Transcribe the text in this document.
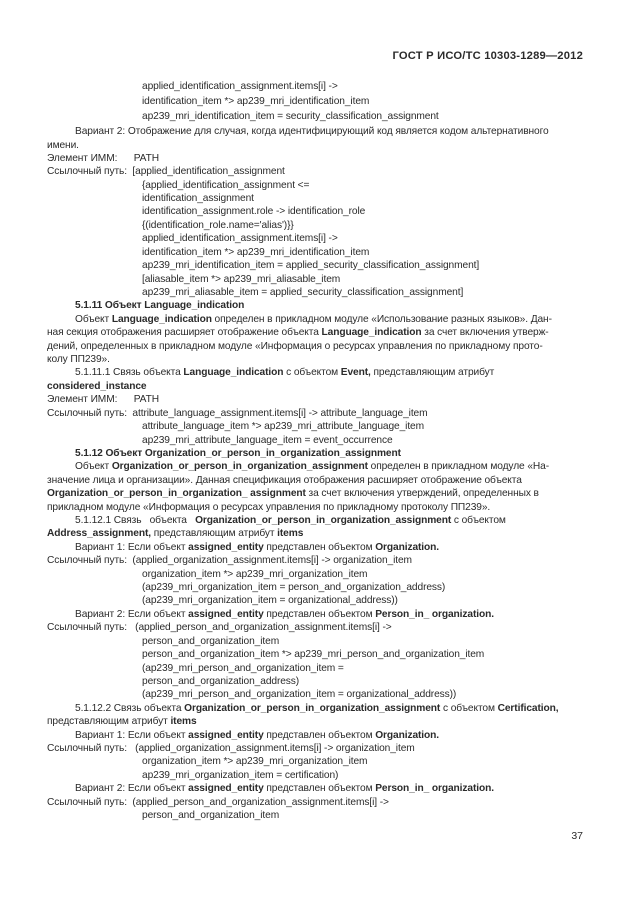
ГОСТ Р ИСО/ТС 10303-1289—2012
applied_identification_assignment.items[i] ->
identification_item *> ap239_mri_identification_item
ap239_mri_identification_item = security_classification_assignment
Вариант 2: Отображение для случая, когда идентифицирующий код является кодом альтернативного
имени.
Элемент ИММ:      PATH
Ссылочный путь:  [applied_identification_assignment
{applied_identification_assignment <=
identification_assignment
identification_assignment.role -> identification_role
{(identification_role.name='alias')}}
applied_identification_assignment.items[i] ->
identification_item *> ap239_mri_identification_item
ap239_mri_identification_item = applied_security_classification_assignment]
[aliasable_item *> ap239_mri_aliasable_item
ap239_mri_aliasable_item = applied_security_classification_assignment]
5.1.11 Объект Language_indication
Объект Language_indication определен в прикладном модуле «Использование разных языков». Дан-
ная секция отображения расширяет отображение объекта Language_indication за счет включения утверж-
дений, определенных в прикладном модуле «Информация о ресурсах управления по прикладному прото-
колу ПП239».
5.1.11.1 Связь объекта Language_indication с объектом Event, представляющим атрибут
considered_instance
Элемент ИММ:      PATH
Ссылочный путь:  attribute_language_assignment.items[i] -> attribute_language_item
attribute_language_item *> ap239_mri_attribute_language_item
ap239_mri_attribute_language_item = event_occurrence
5.1.12 Объект Organization_or_person_in_organization_assignment
Объект Organization_or_person_in_organization_assignment определен в прикладном модуле «На-
значение лица и организации». Данная спецификация отображения расширяет отображение объекта
Organization_or_person_in_organization_ assignment за счет включения утверждений, определенных в
прикладном модуле «Информация о ресурсах управления по прикладному протоколу ПП239».
5.1.12.1 Связь   объекта   Organization_or_person_in_organization_assignment с объектом
Address_assignment, представляющим атрибут items
Вариант 1: Если объект assigned_entity представлен объектом Organization.
Ссылочный путь:  (applied_organization_assignment.items[i] -> organization_item
organization_item *> ap239_mri_organization_item
(ap239_mri_organization_item = person_and_organization_address)
(ap239_mri_organization_item = organizational_address))
Вариант 2: Если объект assigned_entity представлен объектом Person_in_ organization.
Ссылочный путь:   (applied_person_and_organization_assignment.items[i] ->
person_and_organization_item
person_and_organization_item *> ap239_mri_person_and_organization_item
(ap239_mri_person_and_organization_item =
person_and_organization_address)
(ap239_mri_person_and_organization_item = organizational_address))
5.1.12.2 Связь объекта Organization_or_person_in_organization_assignment с объектом Certification,
представляющим атрибут items
Вариант 1: Если объект assigned_entity представлен объектом Organization.
Ссылочный путь:   (applied_organization_assignment.items[i] -> organization_item
organization_item *> ap239_mri_organization_item
ap239_mri_organization_item = certification)
Вариант 2: Если объект assigned_entity представлен объектом Person_in_ organization.
Ссылочный путь:  (applied_person_and_organization_assignment.items[i] ->
person_and_organization_item
37
